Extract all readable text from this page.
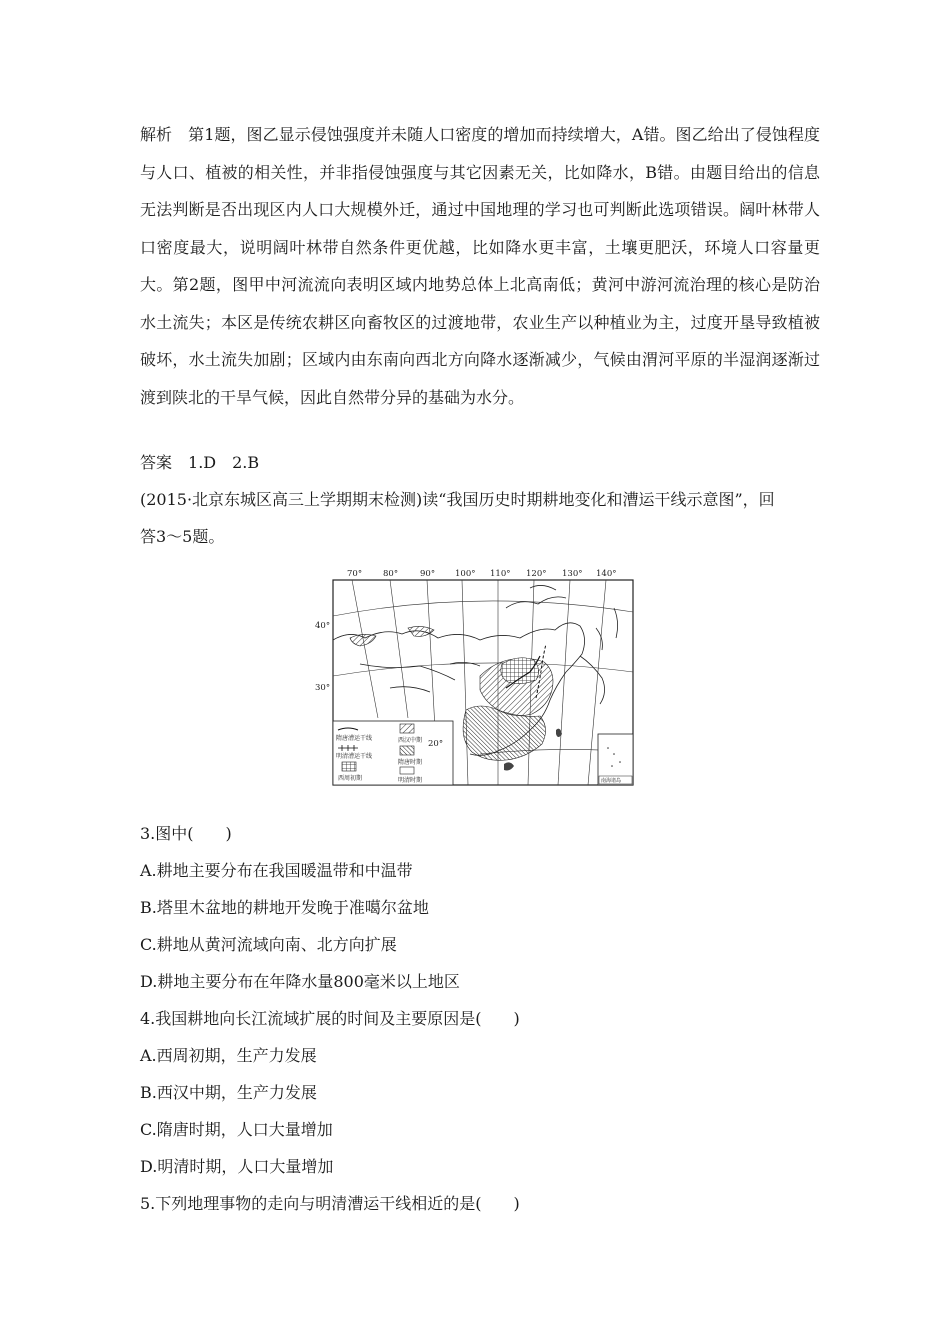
解析　第1题，图乙显示侵蚀强度并未随人口密度的增加而持续增大，A错。图乙给出了侵蚀程度与人口、植被的相关性，并非指侵蚀强度与其它因素无关，比如降水，B错。由题目给出的信息无法判断是否出现区内人口大规模外迁，通过中国地理的学习也可判断此选项错误。阔叶林带人口密度最大，说明阔叶林带自然条件更优越，比如降水更丰富，土壤更肥沃，环境人口容量更大。第2题，图甲中河流流向表明区域内地势总体上北高南低；黄河中游河流治理的核心是防治水土流失；本区是传统农耕区向畜牧区的过渡地带，农业生产以种植业为主，过度开垦导致植被破坏，水土流失加剧；区域内由东南向西北方向降水逐渐减少，气候由渭河平原的半湿润逐渐过渡到陕北的干旱气候，因此自然带分异的基础为水分。
答案　 1.D　2.B
(2015·北京东城区高三上学期期末检测)读“我国历史时期耕地变化和漕运干线示意图”，回
答3～5题。
70° 80°	90° 100° 110° 120° 130° 140°
40°
30°
隋唐漕运干线
明清漕运干线
西周初期
西汉中期
隋唐时期
明清时期
20°
南海诸岛
3.图中(　　)
A.耕地主要分布在我国暖温带和中温带
B.塔里木盆地的耕地开发晚于准噶尔盆地
C.耕地从黄河流域向南、北方向扩展
D.耕地主要分布在年降水量800毫米以上地区
4.我国耕地向长江流域扩展的时间及主要原因是(　　)
A.西周初期，生产力发展
B.西汉中期，生产力发展
C.隋唐时期，人口大量增加
D.明清时期，人口大量增加
5.下列地理事物的走向与明清漕运干线相近的是(　　)
